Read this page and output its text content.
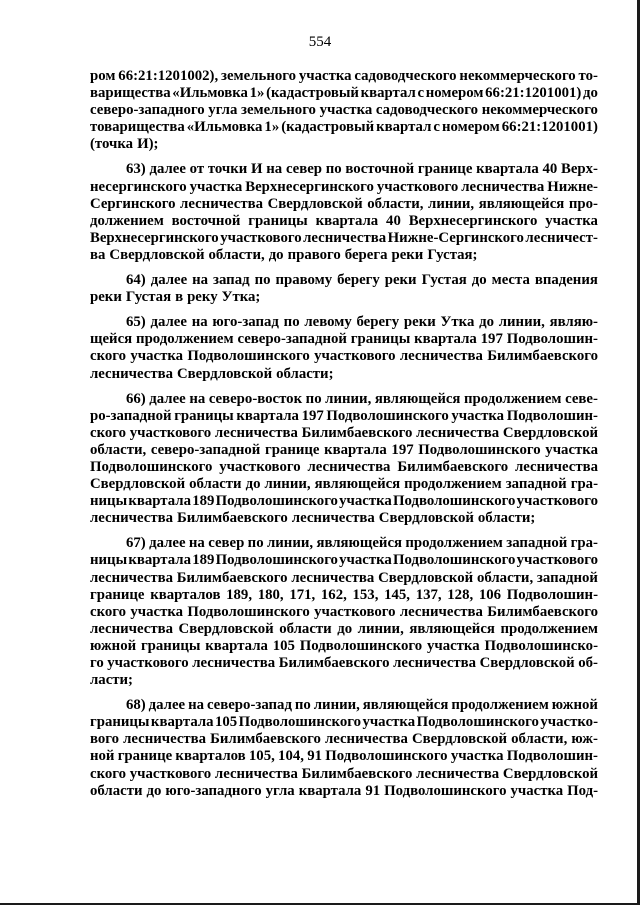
554
ром 66:21:1201002), земельного участка садоводческого некоммерческого то-
варищества «Ильмовка 1» (кадастровый квартал с номером 66:21:1201001) до
северо-западного угла земельного участка садоводческого некоммерческого
товарищества «Ильмовка 1» (кадастровый квартал с номером 66:21:1201001)
(точка И);
63) далее от точки И на север по восточной границе квартала 40 Верх-
несергинского участка Верхнесергинского участкового лесничества Нижне-
Сергинского лесничества Свердловской области, линии, являющейся про-
должением восточной границы квартала 40 Верхнесергинского участка
Верхнесергинского участкового лесничества Нижне-Сергинского лесничест-
ва Свердловской области, до правого берега реки Густая;
64) далее на запад по правому берегу реки Густая до места впадения
реки Густая в реку Утка;
65) далее на юго-запад по левому берегу реки Утка до линии, являю-
щейся продолжением северо-западной границы квартала 197 Подволошин-
ского участка Подволошинского участкового лесничества Билимбаевского
лесничества Свердловской области;
66) далее на северо-восток по линии, являющейся продолжением севе-
ро-западной границы квартала 197 Подволошинского участка Подволошин-
ского участкового лесничества Билимбаевского лесничества Свердловской
области, северо-западной границе квартала 197 Подволошинского участка
Подволошинского участкового лесничества Билимбаевского лесничества
Свердловской области до линии, являющейся продолжением западной гра-
ницы квартала 189 Подволошинского участка Подволошинского участкового
лесничества Билимбаевского лесничества Свердловской области;
67) далее на север по линии, являющейся продолжением западной гра-
ницы квартала 189 Подволошинского участка Подволошинского участкового
лесничества Билимбаевского лесничества Свердловской области, западной
границе кварталов 189, 180, 171, 162, 153, 145, 137, 128, 106 Подволошин-
ского участка Подволошинского участкового лесничества Билимбаевского
лесничества Свердловской области до линии, являющейся продолжением
южной границы квартала 105 Подволошинского участка Подволошинско-
го участкового лесничества Билимбаевского лесничества Свердловской об-
ласти;
68) далее на северо-запад по линии, являющейся продолжением южной
границы квартала 105 Подволошинского участка Подволошинского участко-
вого лесничества Билимбаевского лесничества Свердловской области, юж-
ной границе кварталов 105, 104, 91 Подволошинского участка Подволошин-
ского участкового лесничества Билимбаевского лесничества Свердловской
области до юго-западного угла квартала 91 Подволошинского участка Под-
